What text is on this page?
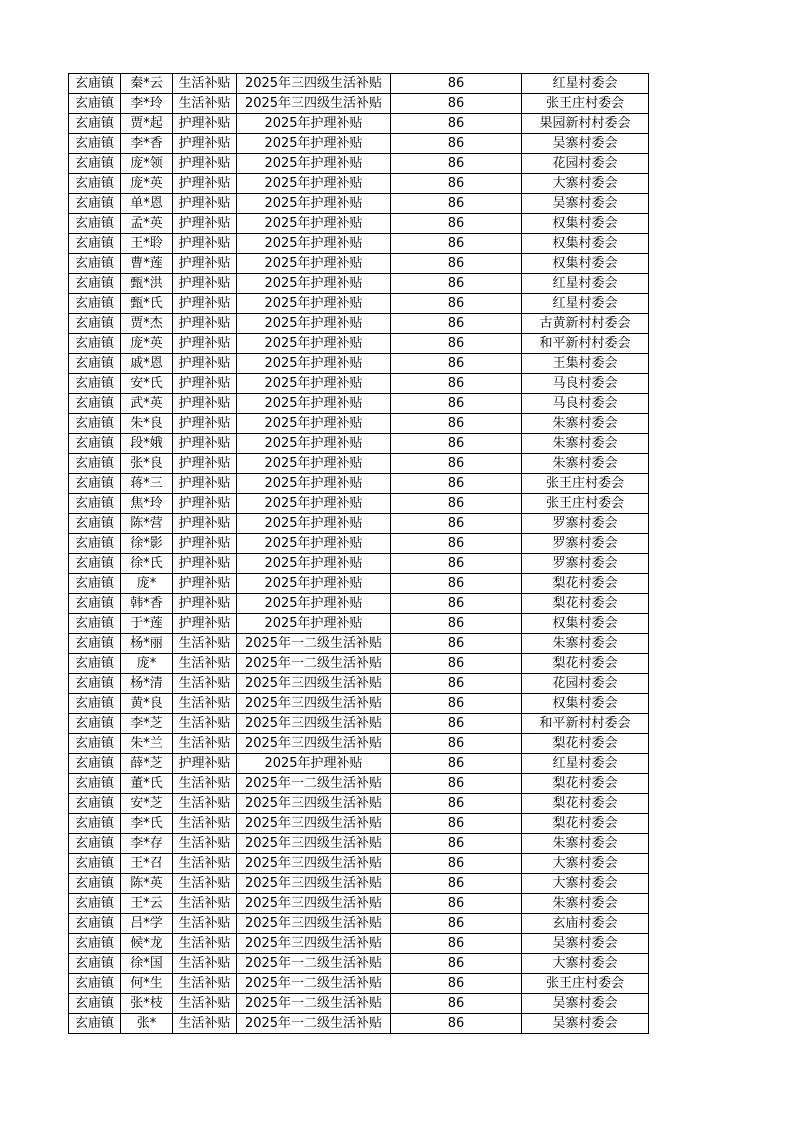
玄庙镇	秦*云	生活补贴	2025年三四级生活补贴	86	红星村委会
玄庙镇	李*玲	生活补贴	2025年三四级生活补贴	86	张王庄村委会
玄庙镇	贾*起	护理补贴	2025年护理补贴	86	果园新村村委会
玄庙镇	李*香	护理补贴	2025年护理补贴	86	吴寨村委会
玄庙镇	庞*领	护理补贴	2025年护理补贴	86	花园村委会
玄庙镇	庞*英	护理补贴	2025年护理补贴	86	大寨村委会
玄庙镇	单*恩	护理补贴	2025年护理补贴	86	吴寨村委会
玄庙镇	孟*英	护理补贴	2025年护理补贴	86	权集村委会
玄庙镇	王*聆	护理补贴	2025年护理补贴	86	权集村委会
玄庙镇	曹*莲	护理补贴	2025年护理补贴	86	权集村委会
玄庙镇	甄*洪	护理补贴	2025年护理补贴	86	红星村委会
玄庙镇	甄*氏	护理补贴	2025年护理补贴	86	红星村委会
玄庙镇	贾*杰	护理补贴	2025年护理补贴	86	古黄新村村委会
玄庙镇	庞*英	护理补贴	2025年护理补贴	86	和平新村村委会
玄庙镇	戚*恩	护理补贴	2025年护理补贴	86	王集村委会
玄庙镇	安*氏	护理补贴	2025年护理补贴	86	马良村委会
玄庙镇	武*英	护理补贴	2025年护理补贴	86	马良村委会
玄庙镇	朱*良	护理补贴	2025年护理补贴	86	朱寨村委会
玄庙镇	段*娥	护理补贴	2025年护理补贴	86	朱寨村委会
玄庙镇	张*良	护理补贴	2025年护理补贴	86	朱寨村委会
玄庙镇	蒋*三	护理补贴	2025年护理补贴	86	张王庄村委会
玄庙镇	焦*玲	护理补贴	2025年护理补贴	86	张王庄村委会
玄庙镇	陈*营	护理补贴	2025年护理补贴	86	罗寨村委会
玄庙镇	徐*影	护理补贴	2025年护理补贴	86	罗寨村委会
玄庙镇	徐*氏	护理补贴	2025年护理补贴	86	罗寨村委会
玄庙镇	庞*	护理补贴	2025年护理补贴	86	梨花村委会
玄庙镇	韩*香	护理补贴	2025年护理补贴	86	梨花村委会
玄庙镇	于*莲	护理补贴	2025年护理补贴	86	权集村委会
玄庙镇	杨*丽	生活补贴	2025年一二级生活补贴	86	朱寨村委会
玄庙镇	庞*	生活补贴	2025年一二级生活补贴	86	梨花村委会
玄庙镇	杨*清	生活补贴	2025年三四级生活补贴	86	花园村委会
玄庙镇	黄*良	生活补贴	2025年三四级生活补贴	86	权集村委会
玄庙镇	李*芝	生活补贴	2025年三四级生活补贴	86	和平新村村委会
玄庙镇	朱*兰	生活补贴	2025年三四级生活补贴	86	梨花村委会
玄庙镇	薛*芝	护理补贴	2025年护理补贴	86	红星村委会
玄庙镇	董*氏	生活补贴	2025年一二级生活补贴	86	梨花村委会
玄庙镇	安*芝	生活补贴	2025年三四级生活补贴	86	梨花村委会
玄庙镇	李*氏	生活补贴	2025年三四级生活补贴	86	梨花村委会
玄庙镇	李*存	生活补贴	2025年三四级生活补贴	86	朱寨村委会
玄庙镇	王*召	生活补贴	2025年三四级生活补贴	86	大寨村委会
玄庙镇	陈*英	生活补贴	2025年三四级生活补贴	86	大寨村委会
玄庙镇	王*云	生活补贴	2025年三四级生活补贴	86	朱寨村委会
玄庙镇	吕*学	生活补贴	2025年三四级生活补贴	86	玄庙村委会
玄庙镇	候*龙	生活补贴	2025年三四级生活补贴	86	吴寨村委会
玄庙镇	徐*国	生活补贴	2025年一二级生活补贴	86	大寨村委会
玄庙镇	何*生	生活补贴	2025年一二级生活补贴	86	张王庄村委会
玄庙镇	张*枝	生活补贴	2025年一二级生活补贴	86	吴寨村委会
玄庙镇	张*	生活补贴	2025年一二级生活补贴	86	吴寨村委会
